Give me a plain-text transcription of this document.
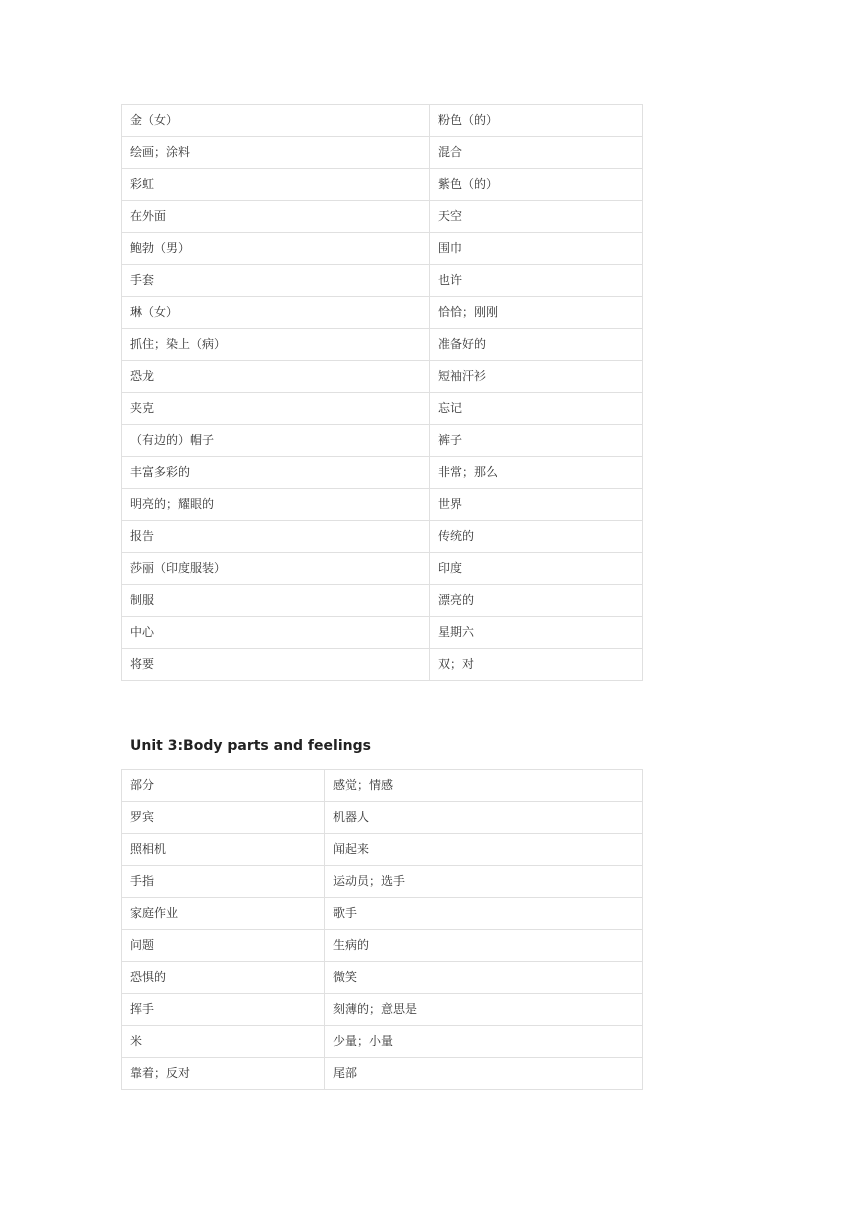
金（女）	粉色（的）
绘画；涂料	混合
彩虹	紫色（的）
在外面	天空
鲍勃（男）	围巾
手套	也许
琳（女）	恰恰；刚刚
抓住；染上（病）	准备好的
恐龙	短袖汗衫
夹克	忘记
（有边的）帽子	裤子
丰富多彩的	非常；那么
明亮的；耀眼的	世界
报告	传统的
莎丽（印度服装）	印度
制服	漂亮的
中心	星期六
将要	双；对
Unit 3:Body parts and feelings
部分	感觉；情感
罗宾	机器人
照相机	闻起来
手指	运动员；选手
家庭作业	歌手
问题	生病的
恐惧的	微笑
挥手	刻薄的；意思是
米	少量；小量
靠着；反对	尾部
